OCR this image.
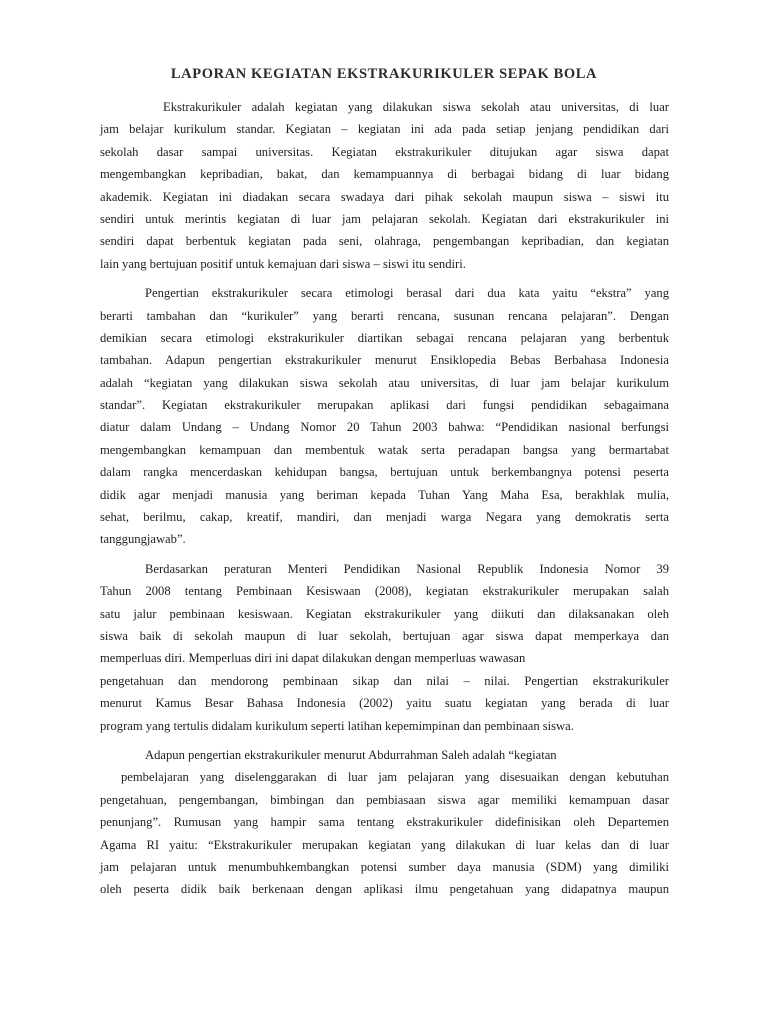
LAPORAN KEGIATAN EKSTRAKURIKULER SEPAK BOLA
Ekstrakurikuler adalah kegiatan yang dilakukan siswa sekolah atau universitas, di luar
jam belajar kurikulum standar. Kegiatan – kegiatan ini ada pada setiap jenjang pendidikan dari
sekolah dasar sampai universitas. Kegiatan ekstrakurikuler ditujukan agar siswa dapat
mengembangkan kepribadian, bakat, dan kemampuannya di berbagai bidang di luar bidang
akademik. Kegiatan ini diadakan secara swadaya dari pihak sekolah maupun siswa – siswi itu
sendiri untuk merintis kegiatan di luar jam pelajaran sekolah. Kegiatan dari ekstrakurikuler ini
sendiri dapat berbentuk kegiatan pada seni, olahraga, pengembangan kepribadian, dan kegiatan
lain yang bertujuan positif untuk kemajuan dari siswa – siswi itu sendiri.
Pengertian ekstrakurikuler secara etimologi berasal dari dua kata yaitu “ekstra” yang
berarti tambahan dan “kurikuler” yang berarti rencana, susunan rencana pelajaran”. Dengan
demikian secara etimologi ekstrakurikuler diartikan sebagai rencana pelajaran yang berbentuk
tambahan. Adapun pengertian ekstrakurikuler menurut Ensiklopedia Bebas Berbahasa Indonesia
adalah “kegiatan yang dilakukan siswa sekolah atau universitas, di luar jam belajar kurikulum
standar”. Kegiatan ekstrakurikuler merupakan aplikasi dari fungsi pendidikan sebagaimana
diatur dalam Undang – Undang Nomor 20 Tahun 2003 bahwa: “Pendidikan nasional berfungsi
mengembangkan kemampuan dan membentuk watak serta peradapan bangsa yang bermartabat
dalam rangka mencerdaskan kehidupan bangsa, bertujuan untuk berkembangnya potensi peserta
didik agar menjadi manusia yang beriman kepada Tuhan Yang Maha Esa, berakhlak mulia,
sehat, berilmu, cakap, kreatif, mandiri, dan menjadi warga Negara yang demokratis serta
tanggungjawab”.
Berdasarkan peraturan Menteri Pendidikan Nasional Republik Indonesia Nomor 39
Tahun 2008 tentang Pembinaan Kesiswaan (2008), kegiatan ekstrakurikuler merupakan salah
satu jalur pembinaan kesiswaan. Kegiatan ekstrakurikuler yang diikuti dan dilaksanakan oleh
siswa baik di sekolah maupun di luar sekolah, bertujuan agar siswa dapat memperkaya dan
memperluas diri. Memperluas diri ini dapat dilakukan dengan memperluas wawasan
pengetahuan dan mendorong pembinaan sikap dan nilai – nilai. Pengertian ekstrakurikuler
menurut Kamus Besar Bahasa Indonesia (2002) yaitu suatu kegiatan yang berada di luar
program yang tertulis didalam kurikulum seperti latihan kepemimpinan dan pembinaan siswa.
Adapun pengertian ekstrakurikuler menurut Abdurrahman Saleh adalah “kegiatan
pembelajaran yang diselenggarakan di luar jam pelajaran yang disesuaikan dengan kebutuhan
pengetahuan, pengembangan, bimbingan dan pembiasaan siswa agar memiliki kemampuan dasar
penunjang”. Rumusan yang hampir sama tentang ekstrakurikuler didefinisikan oleh Departemen
Agama RI yaitu: “Ekstrakurikuler merupakan kegiatan yang dilakukan di luar kelas dan di luar
jam pelajaran untuk menumbuhkembangkan potensi sumber daya manusia (SDM) yang dimiliki
oleh peserta didik baik berkenaan dengan aplikasi ilmu pengetahuan yang didapatnya maupun
